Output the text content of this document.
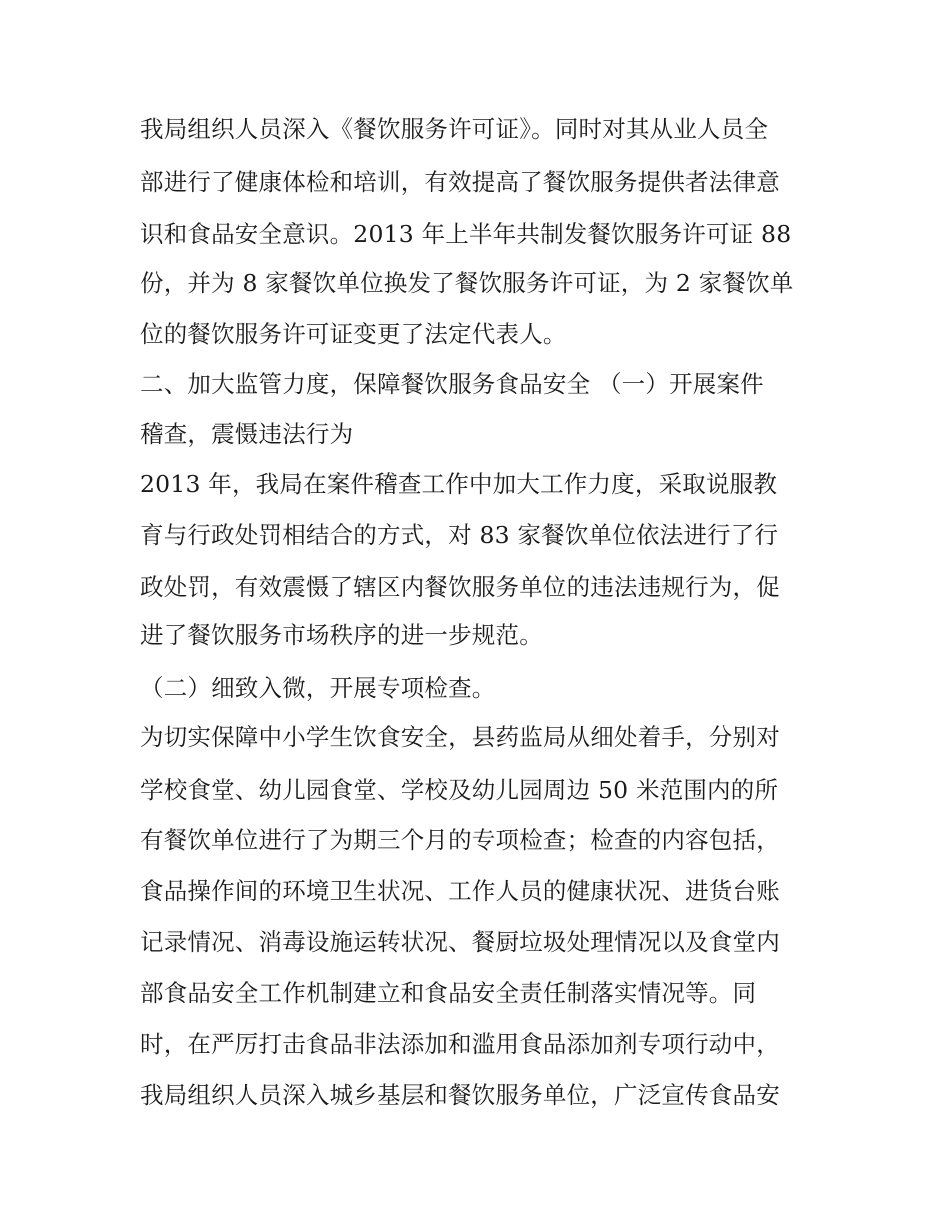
我局组织人员深入《餐饮服务许可证》。同时对其从业人员全
部进行了健康体检和培训，有效提高了餐饮服务提供者法律意
识和食品安全意识。2013 年上半年共制发餐饮服务许可证 88
份，并为 8 家餐饮单位换发了餐饮服务许可证，为 2 家餐饮单
位的餐饮服务许可证变更了法定代表人。
二、加大监管力度，保障餐饮服务食品安全 （一）开展案件
稽查，震慑违法行为
2013 年，我局在案件稽查工作中加大工作力度，采取说服教
育与行政处罚相结合的方式，对 83 家餐饮单位依法进行了行
政处罚，有效震慑了辖区内餐饮服务单位的违法违规行为，促
进了餐饮服务市场秩序的进一步规范。
（二）细致入微，开展专项检查。
为切实保障中小学生饮食安全，县药监局从细处着手，分别对
学校食堂、幼儿园食堂、学校及幼儿园周边 50 米范围内的所
有餐饮单位进行了为期三个月的专项检查；检查的内容包括，
食品操作间的环境卫生状况、工作人员的健康状况、进货台账
记录情况、消毒设施运转状况、餐厨垃圾处理情况以及食堂内
部食品安全工作机制建立和食品安全责任制落实情况等。同
时，在严厉打击食品非法添加和滥用食品添加剂专项行动中，
我局组织人员深入城乡基层和餐饮服务单位，广泛宣传食品安
